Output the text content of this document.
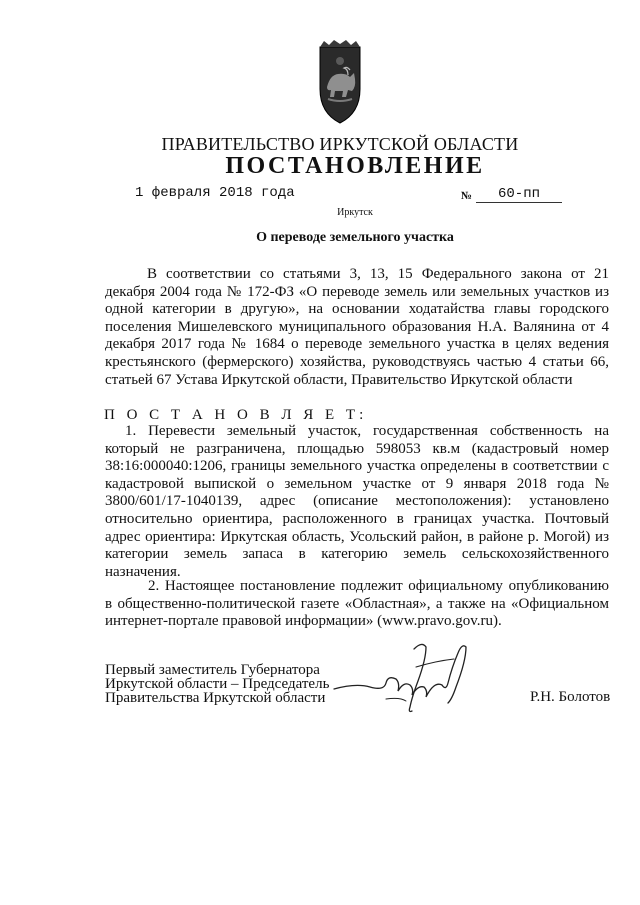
ПРАВИТЕЛЬСТВО ИРКУТСКОЙ ОБЛАСТИ
ПОСТАНОВЛЕНИЕ
1 февраля 2018 года	№	60-пп
Иркутск
О переводе земельного участка
В соответствии со статьями 3, 13, 15 Федерального закона от 21 декабря 2004 года № 172-ФЗ «О переводе земель или земельных участков из одной категории в другую», на основании ходатайства главы городского поселения Мишелевского муниципального образования Н.А. Валянина от 4 декабря 2017 года № 1684 о переводе земельного участка в целях ведения крестьянского (фермерского) хозяйства, руководствуясь частью 4 статьи 66, статьей 67 Устава Иркутской области, Правительство Иркутской области
П О С Т А Н О В Л Я Е Т:
1. Перевести земельный участок, государственная собственность на который не разграничена, площадью 598053 кв.м (кадастровый номер 38:16:000040:1206, границы земельного участка определены в соответствии с кадастровой выпиской о земельном участке от 9 января 2018 года № 3800/601/17-1040139, адрес (описание местоположения): установлено относительно ориентира, расположенного в границах участка. Почтовый адрес ориентира: Иркутская область, Усольский район, в районе р. Могой) из категории земель запаса в категорию земель сельскохозяйственного назначения.
2. Настоящее постановление подлежит официальному опубликованию в общественно-политической газете «Областная», а также на «Официальном интернет-портале правовой информации» (www.pravo.gov.ru).
Первый заместитель Губернатора
Иркутской области – Председатель
Правительства Иркутской области	Р.Н. Болотов
